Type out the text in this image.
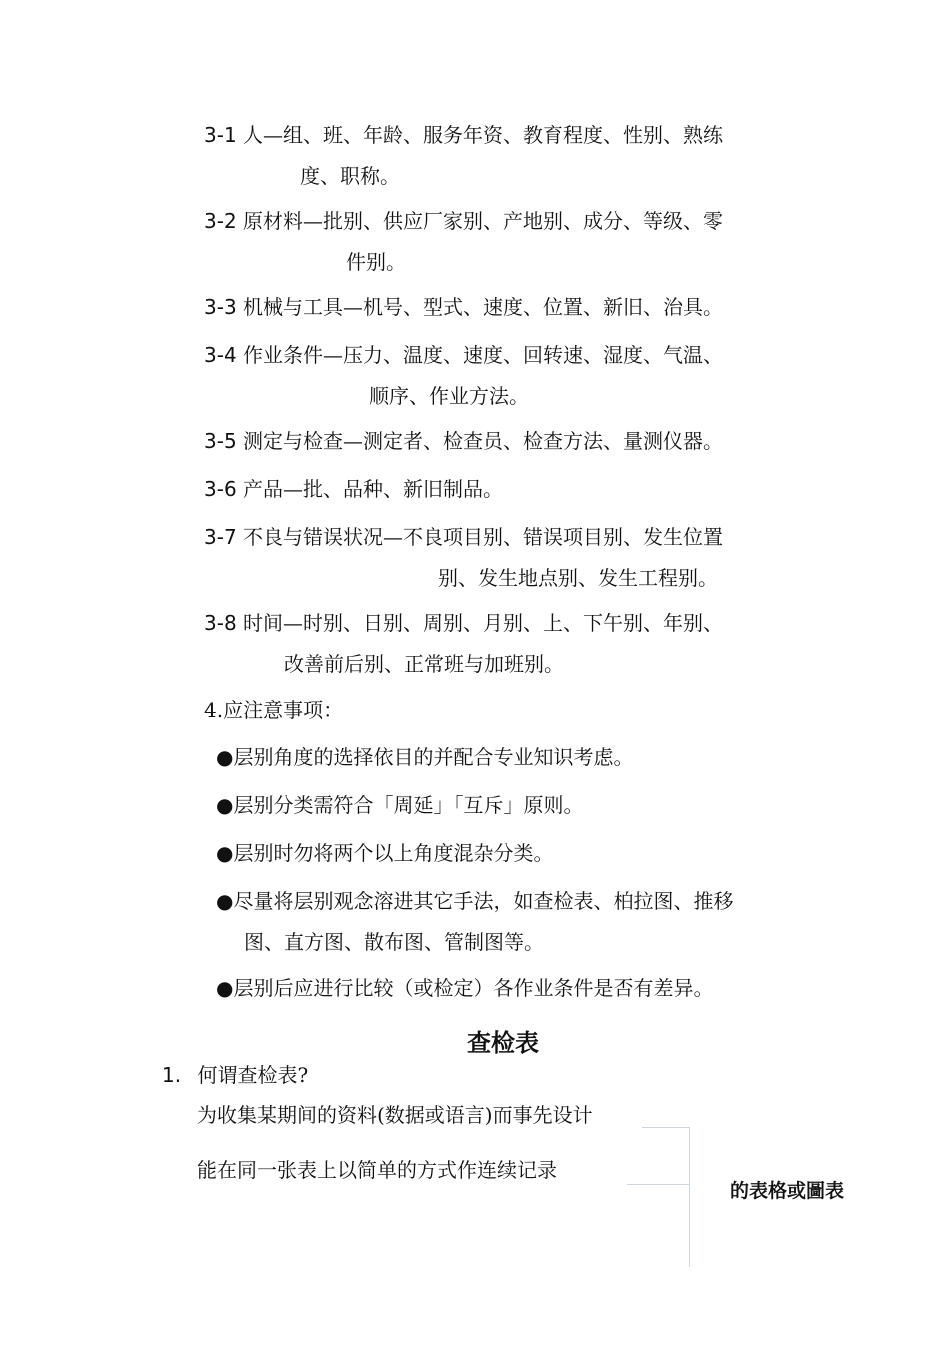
3-1 人—组、班、年龄、服务年资、教育程度、性别、熟练
度、职称。
3-2 原材料—批别、供应厂家别、产地别、成分、等级、零
件别。
3-3 机械与工具—机号、型式、速度、位置、新旧、治具。
3-4 作业条件—压力、温度、速度、回转速、湿度、气温、
顺序、作业方法。
3-5 测定与检查—测定者、检查员、检查方法、量测仪器。
3-6 产品—批、品种、新旧制品。
3-7 不良与错误状况—不良项目别、错误项目别、发生位置
别、发生地点别、发生工程别。
3-8 时间—时别、日别、周别、月别、上、下午别、年别、
改善前后别、正常班与加班别。
4.应注意事项：
●层别角度的选择依目的并配合专业知识考虑。
●层别分类需符合「周延」「互斥」原则。
●层别时勿将两个以上角度混杂分类。
●尽量将层别观念溶进其它手法，如查检表、柏拉图、推移
图、直方图、散布图、管制图等。
●层别后应进行比较（或检定）各作业条件是否有差异。
查检表
1. 何谓查检表?
为收集某期间的资料(数据或语言)而事先设计
能在同一张表上以简单的方式作连续记录
的表格或圖表
